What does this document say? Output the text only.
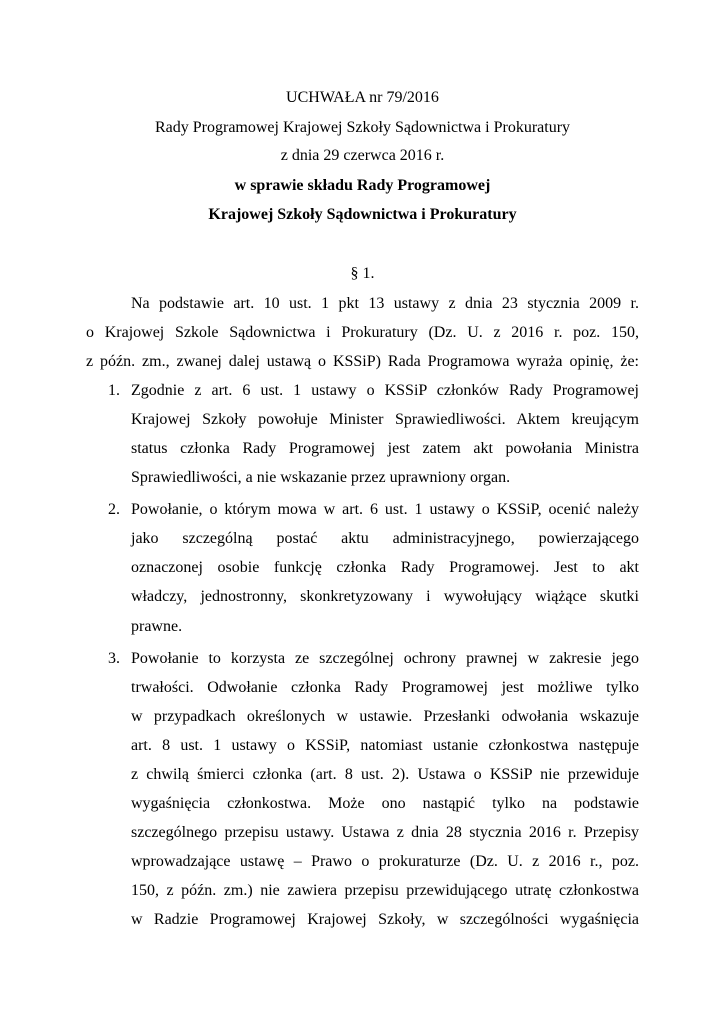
UCHWAŁA nr 79/2016
Rady Programowej Krajowej Szkoły Sądownictwa i Prokuratury
z dnia 29 czerwca 2016 r.
w sprawie składu Rady Programowej
Krajowej Szkoły Sądownictwa i Prokuratury
§ 1.
Na podstawie art. 10 ust. 1 pkt 13 ustawy z dnia 23 stycznia 2009 r.
o Krajowej Szkole Sądownictwa i Prokuratury (Dz. U. z 2016 r. poz. 150,
z późn. zm., zwanej dalej ustawą o KSSiP) Rada Programowa wyraża opinię, że:
1. Zgodnie z art. 6 ust. 1 ustawy o KSSiP członków Rady Programowej
Krajowej Szkoły powołuje Minister Sprawiedliwości. Aktem kreującym
status członka Rady Programowej jest zatem akt powołania Ministra
Sprawiedliwości, a nie wskazanie przez uprawniony organ.
2. Powołanie, o którym mowa w art. 6 ust. 1 ustawy o KSSiP, ocenić należy
jako szczególną postać aktu administracyjnego, powierzającego
oznaczonej osobie funkcję członka Rady Programowej. Jest to akt
władczy, jednostronny, skonkretyzowany i wywołujący wiążące skutki
prawne.
3. Powołanie to korzysta ze szczególnej ochrony prawnej w zakresie jego
trwałości. Odwołanie członka Rady Programowej jest możliwe tylko
w przypadkach określonych w ustawie. Przesłanki odwołania wskazuje
art. 8 ust. 1 ustawy o KSSiP, natomiast ustanie członkostwa następuje
z chwilą śmierci członka (art. 8 ust. 2). Ustawa o KSSiP nie przewiduje
wygaśnięcia członkostwa. Może ono nastąpić tylko na podstawie
szczególnego przepisu ustawy. Ustawa z dnia 28 stycznia 2016 r. Przepisy
wprowadzające ustawę – Prawo o prokuraturze (Dz. U. z 2016 r., poz.
150, z późn. zm.) nie zawiera przepisu przewidującego utratę członkostwa
w Radzie Programowej Krajowej Szkoły, w szczególności wygaśnięcia
